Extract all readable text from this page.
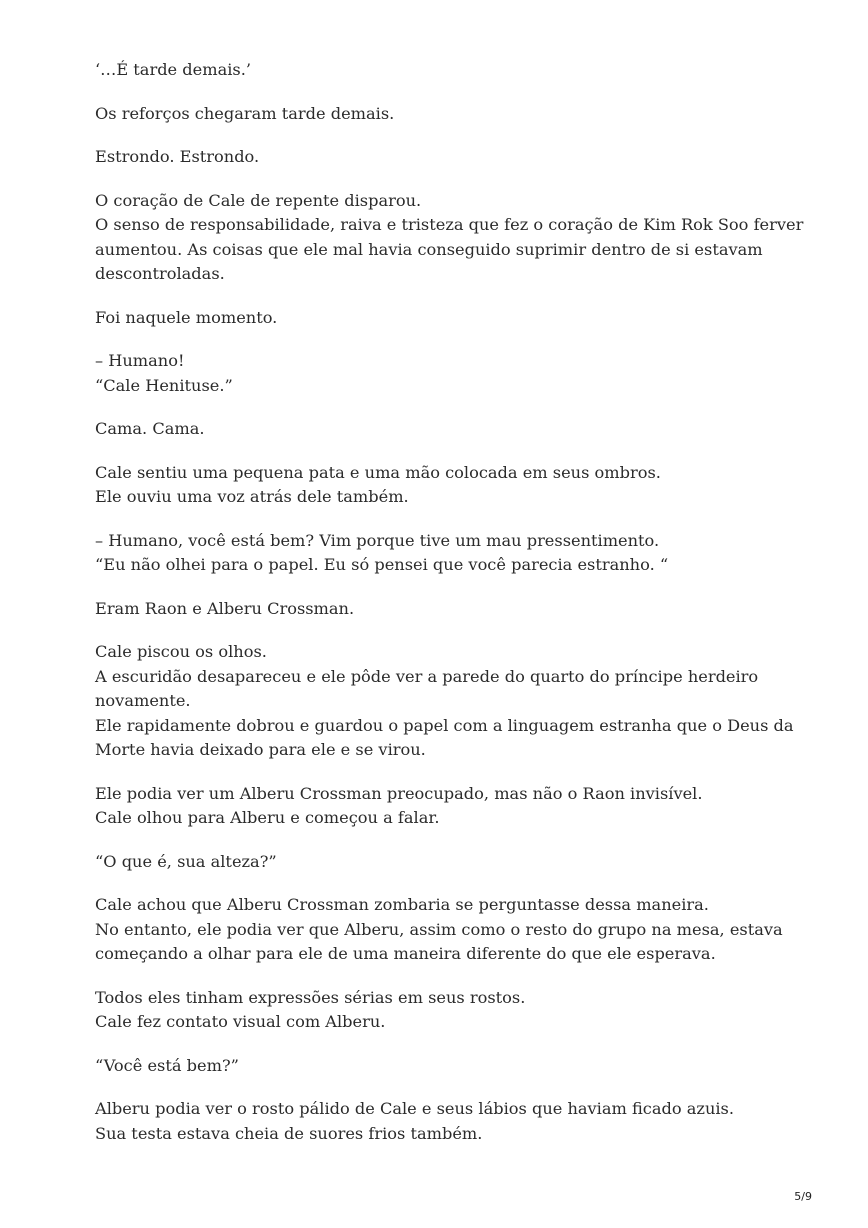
‘…É tarde demais.’

Os reforços chegaram tarde demais.

Estrondo. Estrondo.

O coração de Cale de repente disparou.
O senso de responsabilidade, raiva e tristeza que fez o coração de Kim Rok Soo ferver
aumentou. As coisas que ele mal havia conseguido suprimir dentro de si estavam
descontroladas.

Foi naquele momento.

– Humano!
“Cale Henituse.”

Cama. Cama.

Cale sentiu uma pequena pata e uma mão colocada em seus ombros.
Ele ouviu uma voz atrás dele também.

– Humano, você está bem? Vim porque tive um mau pressentimento.
“Eu não olhei para o papel. Eu só pensei que você parecia estranho. “

Eram Raon e Alberu Crossman.

Cale piscou os olhos.
A escuridão desapareceu e ele pôde ver a parede do quarto do príncipe herdeiro
novamente.
Ele rapidamente dobrou e guardou o papel com a linguagem estranha que o Deus da
Morte havia deixado para ele e se virou.

Ele podia ver um Alberu Crossman preocupado, mas não o Raon invisível.
Cale olhou para Alberu e começou a falar.

“O que é, sua alteza?”

Cale achou que Alberu Crossman zombaria se perguntasse dessa maneira.
No entanto, ele podia ver que Alberu, assim como o resto do grupo na mesa, estava
começando a olhar para ele de uma maneira diferente do que ele esperava.

Todos eles tinham expressões sérias em seus rostos.
Cale fez contato visual com Alberu.

“Você está bem?”

Alberu podia ver o rosto pálido de Cale e seus lábios que haviam ficado azuis.
Sua testa estava cheia de suores frios também.

5/9
